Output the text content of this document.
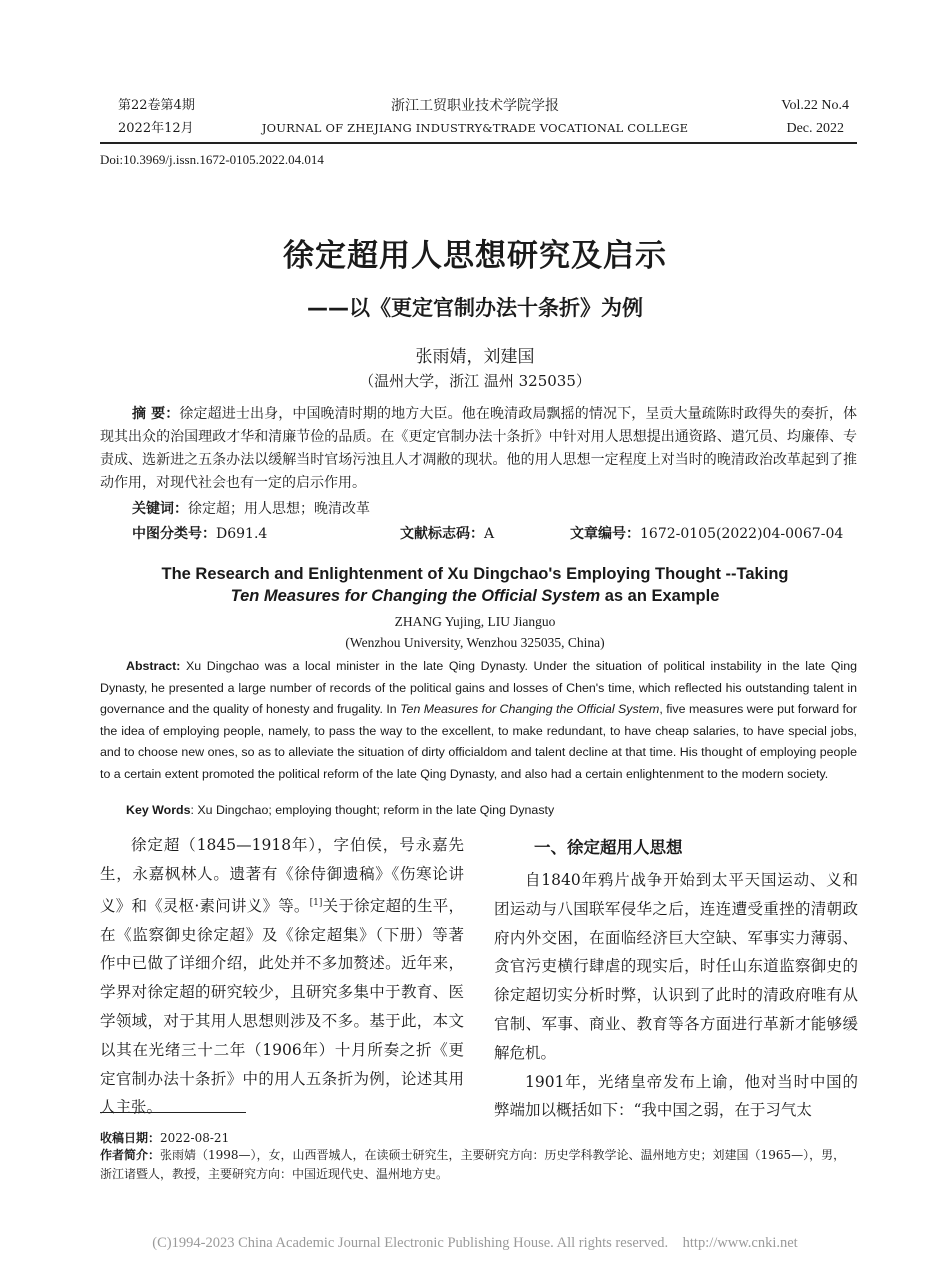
第22卷第4期
2022年12月
浙江工贸职业技术学院学报
JOURNAL OF ZHEJIANG INDUSTRY&TRADE VOCATIONAL COLLEGE
Vol.22 No.4
Dec. 2022
Doi:10.3969/j.issn.1672-0105.2022.04.014
徐定超用人思想研究及启示
——以《更定官制办法十条折》为例
张雨婧，刘建国
（温州大学，浙江 温州 325035）
摘 要：徐定超进士出身，中国晚清时期的地方大臣。他在晚清政局飘摇的情况下，呈贡大量疏陈时政得失的奏折，体现其出众的治国理政才华和清廉节俭的品质。在《更定官制办法十条折》中针对用人思想提出通资路、遣冗员、均廉俸、专责成、选新进之五条办法以缓解当时官场污浊且人才凋敝的现状。他的用人思想一定程度上对当时的晚清政治改革起到了推动作用，对现代社会也有一定的启示作用。
关键词：徐定超；用人思想；晚清改革
中图分类号：D691.4	文献标志码：A	文章编号：1672-0105(2022)04-0067-04
The Research and Enlightenment of Xu Dingchao's Employing Thought --Taking
Ten Measures for Changing the Official System as an Example
ZHANG Yujing, LIU Jianguo
(Wenzhou University, Wenzhou 325035, China)
Abstract: Xu Dingchao was a local minister in the late Qing Dynasty. Under the situation of political instability in the late Qing Dynasty, he presented a large number of records of the political gains and losses of Chen's time, which reflected his outstanding talent in governance and the quality of honesty and frugality. In Ten Measures for Changing the Official System, five measures were put forward for the idea of employing people, namely, to pass the way to the excellent, to make redundant, to have cheap salaries, to have special jobs, and to choose new ones, so as to alleviate the situation of dirty officialdom and talent decline at that time. His thought of employing people to a certain extent promoted the political reform of the late Qing Dynasty, and also had a certain enlightenment to the modern society.
Key Words: Xu Dingchao; employing thought; reform in the late Qing Dynasty

徐定超（1845—1918年），字伯侯，号永嘉先生，永嘉枫林人。遗著有《徐侍御遗稿》《伤寒论讲义》和《灵枢·素问讲义》等。[1]关于徐定超的生平，在《监察御史徐定超》及《徐定超集》（下册）等著作中已做了详细介绍，此处并不多加赘述。近年来，学界对徐定超的研究较少，且研究多集中于教育、医学领域，对于其用人思想则涉及不多。基于此，本文以其在光绪三十二年（1906年）十月所奏之折《更定官制办法十条折》中的用人五条折为例，论述其用人主张。

一、徐定超用人思想

自1840年鸦片战争开始到太平天国运动、义和团运动与八国联军侵华之后，连连遭受重挫的清朝政府内外交困，在面临经济巨大空缺、军事实力薄弱、贪官污吏横行肆虐的现实后，时任山东道监察御史的徐定超切实分析时弊，认识到了此时的清政府唯有从官制、军事、商业、教育等各方面进行革新才能够缓解危机。

1901年，光绪皇帝发布上谕，他对当时中国的弊端加以概括如下：“我中国之弱，在于习气太

收稿日期：2022-08-21
作者简介：张雨婧（1998—），女，山西晋城人，在读硕士研究生，主要研究方向：历史学科教学论、温州地方史；刘建国（1965—），男，浙江诸暨人，教授，主要研究方向：中国近现代史、温州地方史。
(C)1994-2023 China Academic Journal Electronic Publishing House. All rights reserved.    http://www.cnki.net
